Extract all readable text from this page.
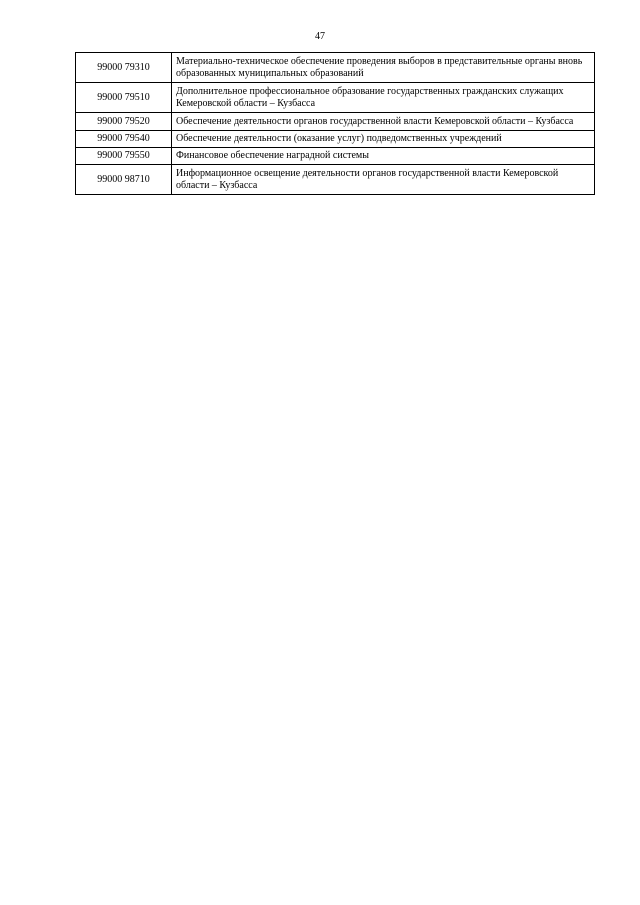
47
99000 79310	Материально-техническое обеспечение проведения выборов в представительные органы вновь образованных муниципальных образований
99000 79510	Дополнительное профессиональное образование государственных гражданских служащих Кемеровской области – Кузбасса
99000 79520	Обеспечение деятельности органов государственной власти Кемеровской области – Кузбасса
99000 79540	Обеспечение деятельности (оказание услуг) подведомственных учреждений
99000 79550	Финансовое обеспечение наградной системы
99000 98710	Информационное освещение деятельности органов государственной власти Кемеровской области – Кузбасса
